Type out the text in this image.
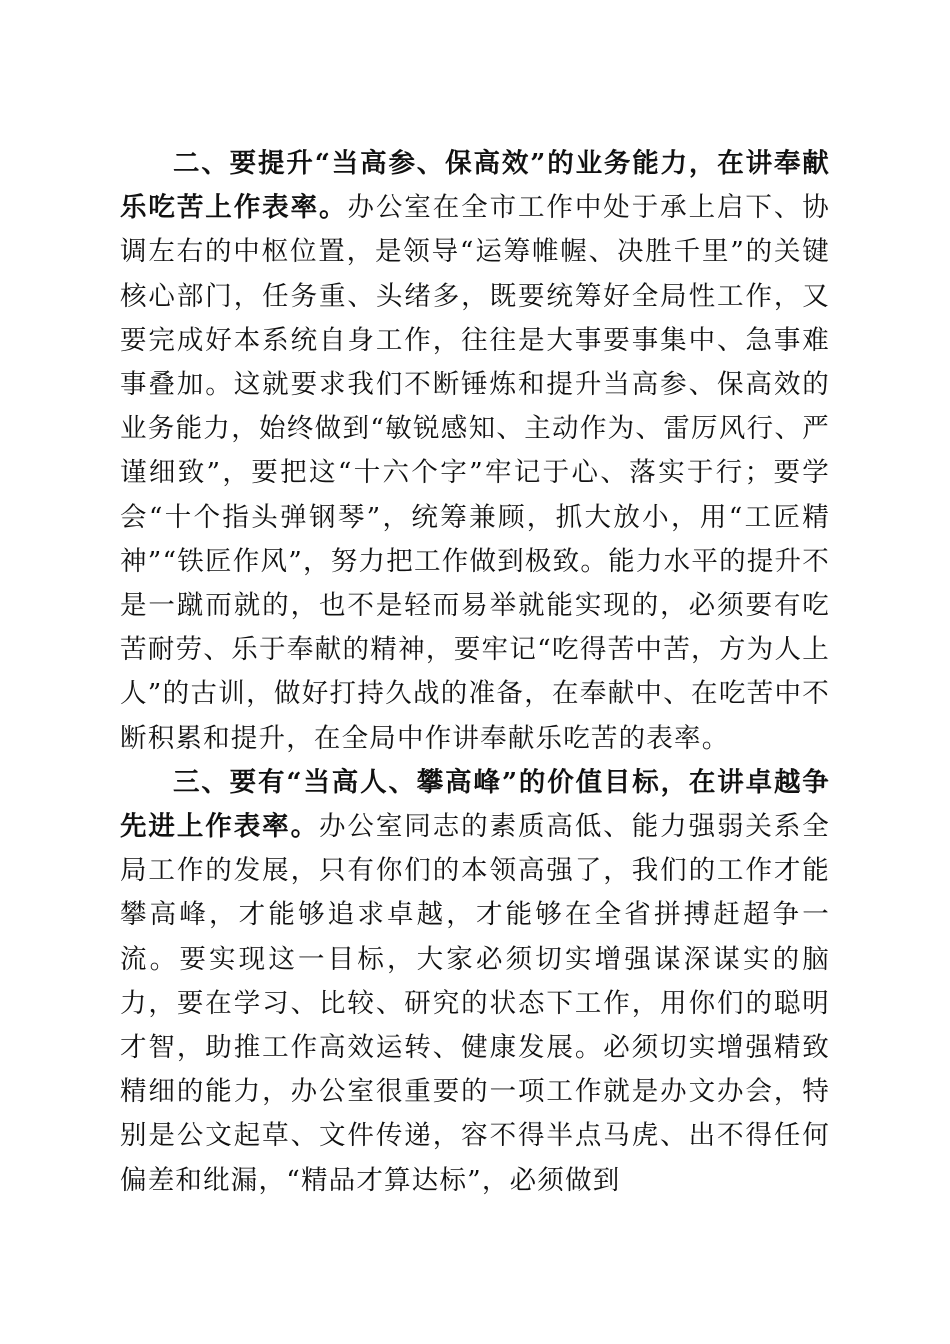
二、要提升“当高参、保高效”的业务能力，在讲奉献乐吃苦上作表率。办公室在全市工作中处于承上启下、协调左右的中枢位置，是领导“运筹帷幄、决胜千里”的关键核心部门，任务重、头绪多，既要统筹好全局性工作，又要完成好本系统自身工作，往往是大事要事集中、急事难事叠加。这就要求我们不断锤炼和提升当高参、保高效的业务能力，始终做到“敏锐感知、主动作为、雷厉风行、严谨细致”，要把这“十六个字”牢记于心、落实于行；要学会“十个指头弹钢琴”，统筹兼顾，抓大放小，用“工匠精神”“铁匠作风”，努力把工作做到极致。能力水平的提升不是一蹴而就的，也不是轻而易举就能实现的，必须要有吃苦耐劳、乐于奉献的精神，要牢记“吃得苦中苦，方为人上人”的古训，做好打持久战的准备，在奉献中、在吃苦中不断积累和提升，在全局中作讲奉献乐吃苦的表率。

三、要有“当高人、攀高峰”的价值目标，在讲卓越争先进上作表率。办公室同志的素质高低、能力强弱关系全局工作的发展，只有你们的本领高强了，我们的工作才能攀高峰，才能够追求卓越，才能够在全省拼搏赶超争一流。要实现这一目标，大家必须切实增强谋深谋实的脑力，要在学习、比较、研究的状态下工作，用你们的聪明才智，助推工作高效运转、健康发展。必须切实增强精致精细的能力，办公室很重要的一项工作就是办文办会，特别是公文起草、文件传递，容不得半点马虎、出不得任何偏差和纰漏，“精品才算达标”，必须做到
